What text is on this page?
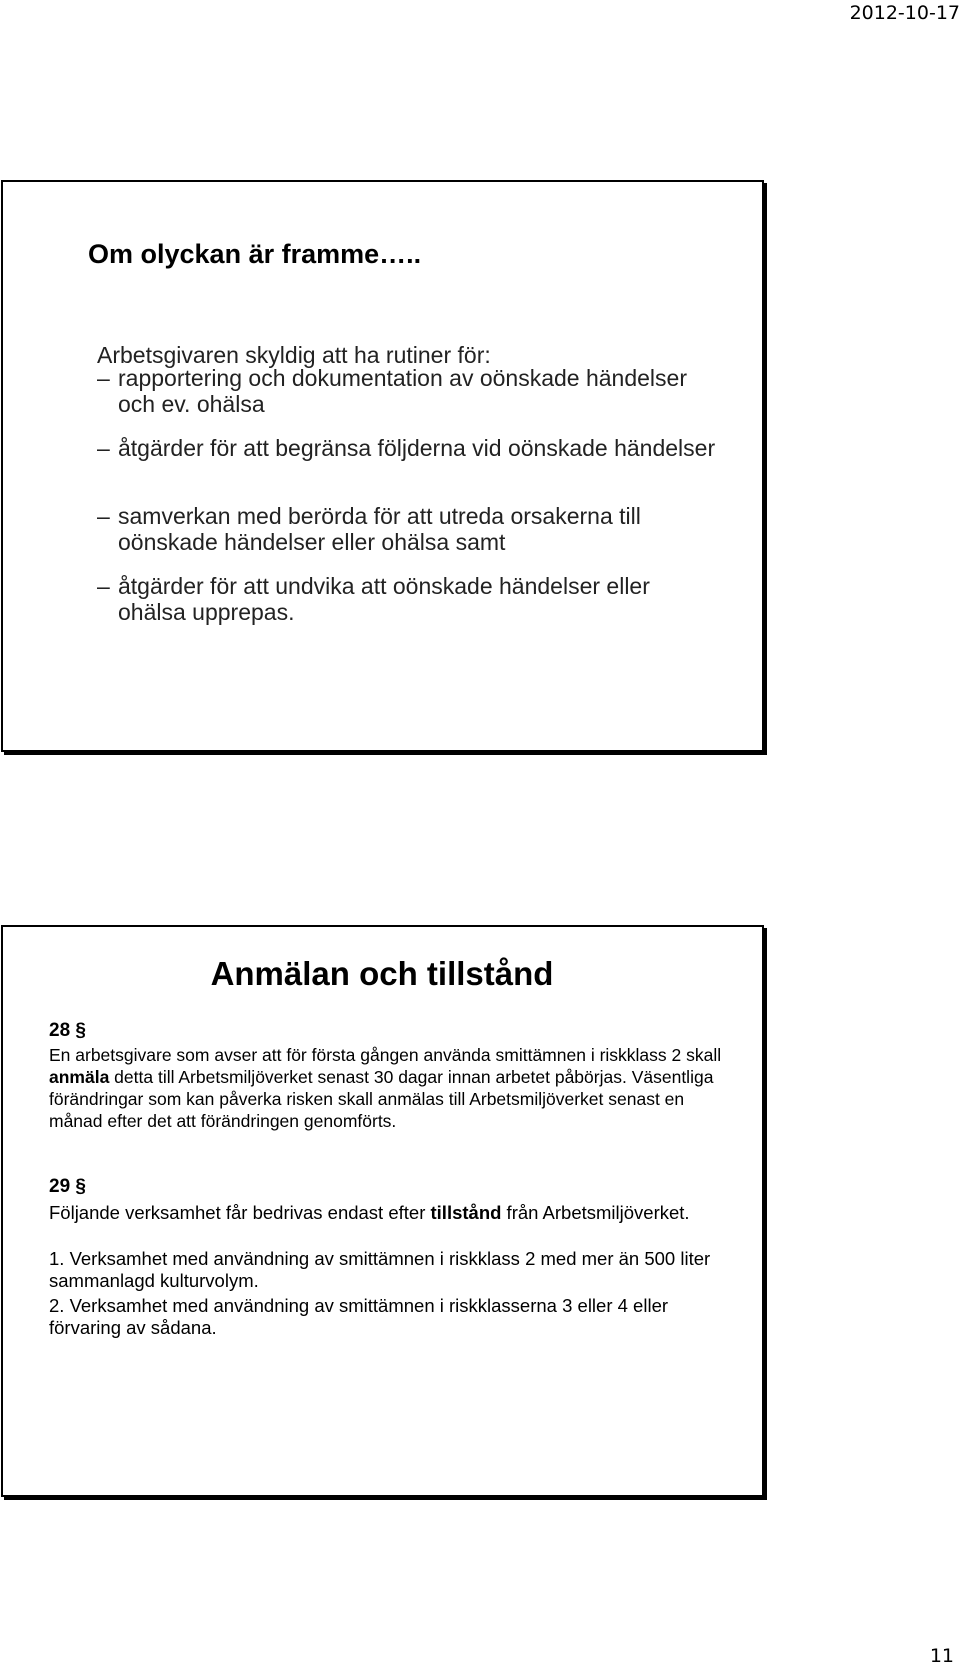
2012-10-17
Om olyckan är framme…..
Arbetsgivaren skyldig att ha rutiner för:
– rapportering och dokumentation av oönskade händelser och ev. ohälsa
– åtgärder för att begränsa följderna vid oönskade händelser
– samverkan med berörda för att utreda orsakerna till oönskade händelser eller ohälsa samt
– åtgärder för att undvika att oönskade händelser eller ohälsa upprepas.
Anmälan och tillstånd
28 §
En arbetsgivare som avser att för första gången använda smittämnen i riskklass 2 skall anmäla detta till Arbetsmiljöverket senast 30 dagar innan arbetet påbörjas. Väsentliga förändringar som kan påverka risken skall anmälas till Arbetsmiljöverket senast en månad efter det att förändringen genomförts.
29 §
Följande verksamhet får bedrivas endast efter tillstånd från Arbetsmiljöverket.
1. Verksamhet med användning av smittämnen i riskklass 2 med mer än 500 liter sammanlagd kulturvolym.
2. Verksamhet med användning av smittämnen i riskklasserna 3 eller 4 eller förvaring av sådana.
11
